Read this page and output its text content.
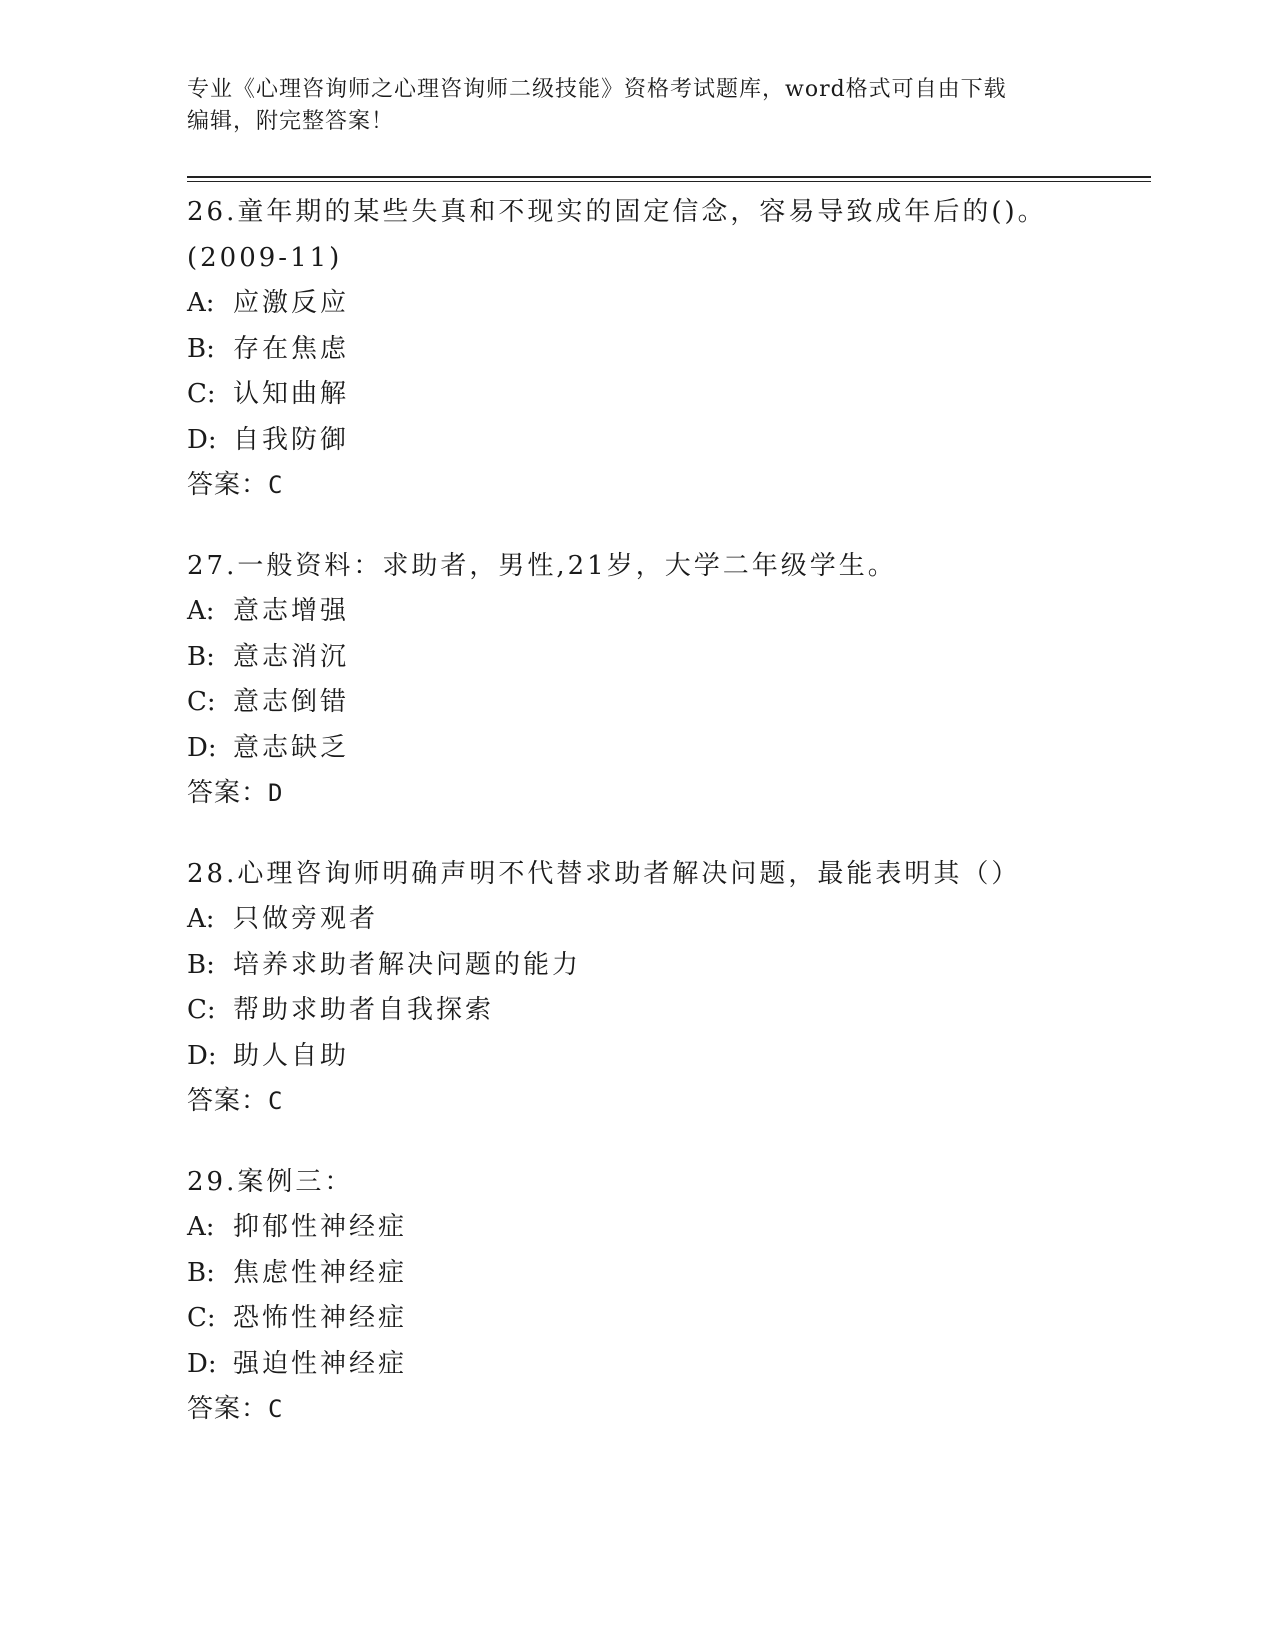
专业《心理咨询师之心理咨询师二级技能》资格考试题库，word格式可自由下载
编辑，附完整答案！
26.童年期的某些失真和不现实的固定信念，容易导致成年后的()。
(2009-11)
A: 应激反应
B: 存在焦虑
C: 认知曲解
D: 自我防御
答案：C
27.一般资料：求助者，男性,21岁，大学二年级学生。
A: 意志增强
B: 意志消沉
C: 意志倒错
D: 意志缺乏
答案：D
28.心理咨询师明确声明不代替求助者解决问题，最能表明其（）
A: 只做旁观者
B: 培养求助者解决问题的能力
C: 帮助求助者自我探索
D: 助人自助
答案：C
29.案例三：
A: 抑郁性神经症
B: 焦虑性神经症
C: 恐怖性神经症
D: 强迫性神经症
答案：C
